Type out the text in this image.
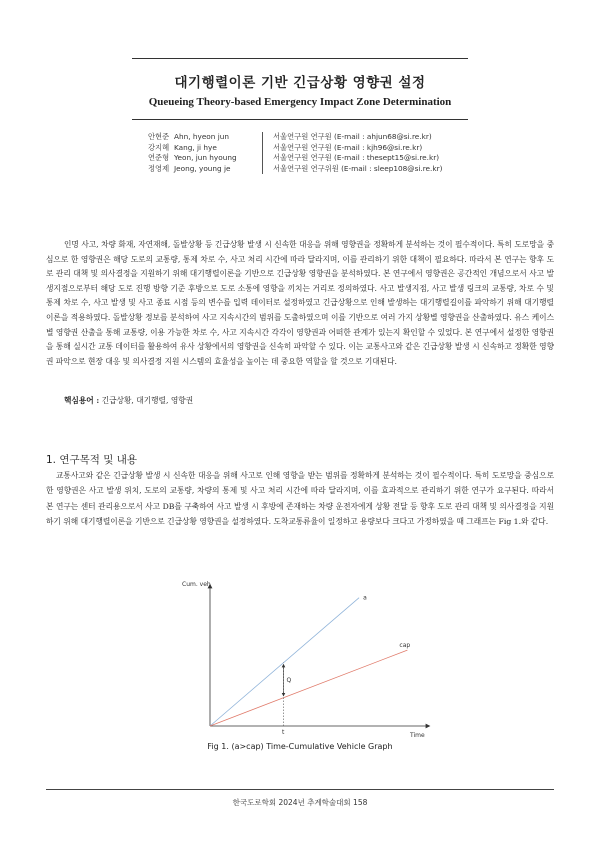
대기행렬이론 기반 긴급상황 영향권 설정
Queueing Theory-based Emergency Impact Zone Determination
안현준 Ahn, hyeon jun	서울연구원 연구원 (E-mail : ahjun68@si.re.kr)
강지혜 Kang, ji hye	서울연구원 연구원 (E-mail : kjh96@si.re.kr)
연준형 Yeon, jun hyoung	서울연구원 연구원 (E-mail : thesept15@si.re.kr)
정영제 Jeong, young je	서울연구원 연구위원 (E-mail : sleep108@si.re.kr)

인명 사고, 차량 화재, 자연재해, 돌발상황 등 긴급상황 발생 시 신속한 대응을 위해 영향권을 정확하게 분석하는 것이 필수적이다. 특히 도로망을 중심으로 한 영향권은 해당 도로의 교통량, 통제 차로 수, 사고 처리 시간에 따라 달라지며, 이를 관리하기 위한 대책이 필요하다. 따라서 본 연구는 향후 도로 관리 대책 및 의사결정을 지원하기 위해 대기행렬이론을 기반으로 긴급상황 영향권을 분석하였다. 본 연구에서 영향권은 공간적인 개념으로서 사고 발생지점으로부터 해당 도로 진행 방향 기준 후방으로 도로 소통에 영향을 끼치는 거리로 정의하였다. 사고 발생지점, 사고 발생 링크의 교통량, 차로 수 및 통제 차로 수, 사고 발생 및 사고 종료 시점 등의 변수를 입력 데이터로 설정하였고 긴급상황으로 인해 발생하는 대기행렬길이를 파악하기 위해 대기행렬이론을 적용하였다. 돌발상황 정보를 분석하여 사고 지속시간의 범위를 도출하였으며 이를 기반으로 여러 가지 상황별 영향권을 산출하였다. 유스 케이스별 영향권 산출을 통해 교통량, 이용 가능한 차로 수, 사고 지속시간 각각이 영향권과 어떠한 관계가 있는지 확인할 수 있었다. 본 연구에서 설정한 영향권을 통해 실시간 교통 데이터를 활용하여 유사 상황에서의 영향권을 신속히 파악할 수 있다. 이는 교통사고와 같은 긴급상황 발생 시 신속하고 정확한 영향권 파악으로 현장 대응 및 의사결정 지원 시스템의 효율성을 높이는 데 중요한 역할을 할 것으로 기대된다.

핵심용어 : 긴급상황, 대기행렬, 영향권
1. 연구목적 및 내용

교통사고와 같은 긴급상황 발생 시 신속한 대응을 위해 사고로 인해 영향을 받는 범위를 정확하게 분석하는 것이 필수적이다. 특히 도로망을 중심으로 한 영향권은 사고 발생 위치, 도로의 교통량, 차량의 통제 및 사고 처리 시간에 따라 달라지며, 이를 효과적으로 관리하기 위한 연구가 요구된다. 따라서 본 연구는 센터 관리용으로서 사고 DB를 구축하여 사고 발생 시 후방에 존재하는 차량 운전자에게 상황 전달 등 향후 도로 관리 대책 및 의사결정을 지원하기 위해 대기행렬이론을 기반으로 긴급상황 영향권을 설정하였다. 도착교통류율이 일정하고 용량보다 크다고 가정하였을 때 그래프는 Fig 1.와 같다.

Cum. veh
Time
a
cap
t
Q
Fig 1. (a>cap) Time-Cumulative Vehicle Graph
한국도로학회 2024년 추계학술대회 158
